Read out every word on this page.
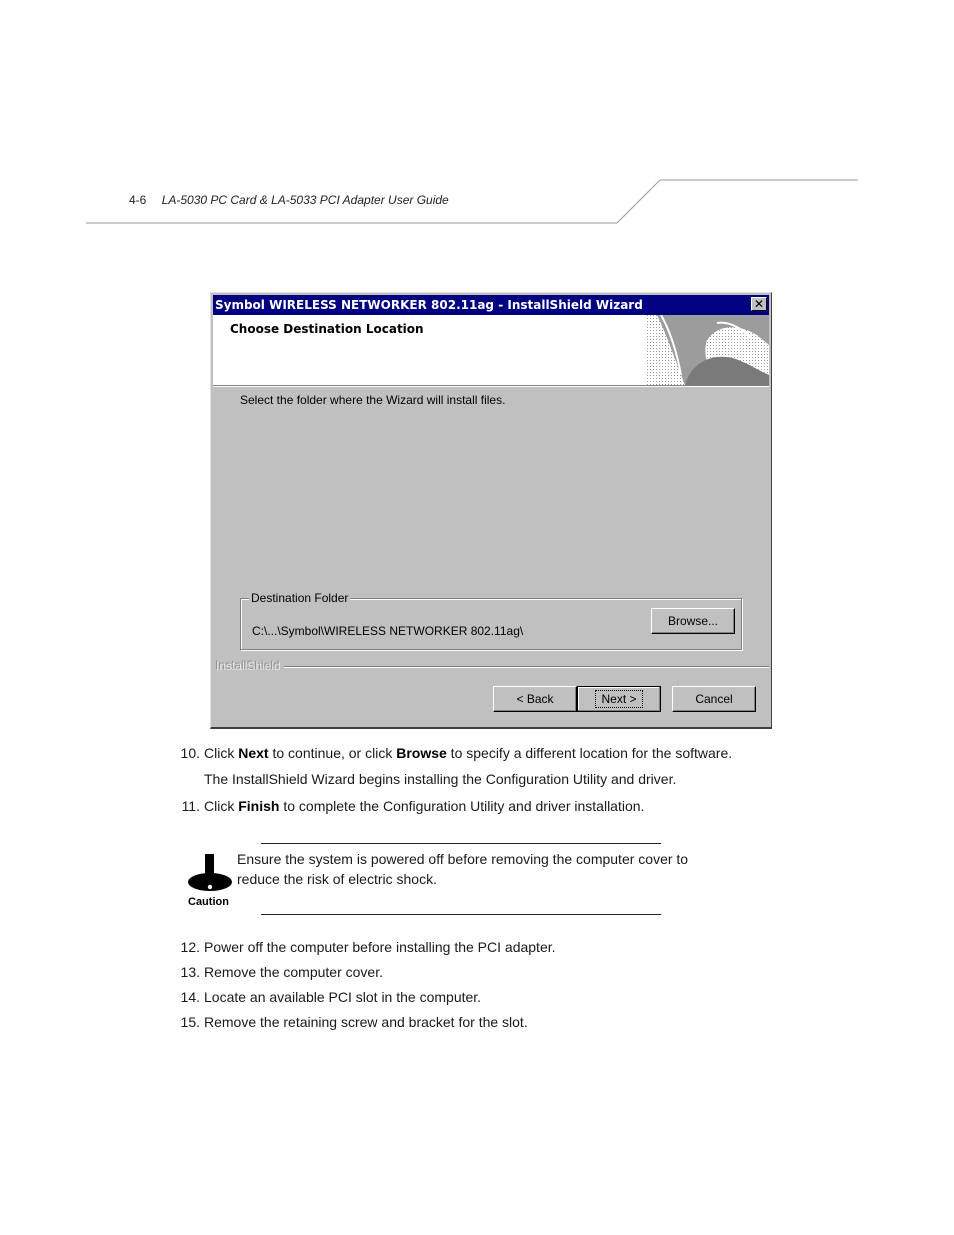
4-6 LA-5030 PC Card & LA-5033 PCI Adapter User Guide
Symbol WIRELESS NETWORKER 802.11ag - InstallShield Wizard	✕
Choose Destination Location
Select the folder where the Wizard will install files.
Destination Folder
C:\...\Symbol\WIRELESS NETWORKER 802.11ag\
Browse...
InstallShield
< Back	Next >	Cancel
10. Click Next to continue, or click Browse to specify a different location for the software.
The InstallShield Wizard begins installing the Configuration Utility and driver.
11. Click Finish to complete the Configuration Utility and driver installation.
Caution
Ensure the system is powered off before removing the computer cover to reduce the risk of electric shock.
12. Power off the computer before installing the PCI adapter.
13. Remove the computer cover.
14. Locate an available PCI slot in the computer.
15. Remove the retaining screw and bracket for the slot.
